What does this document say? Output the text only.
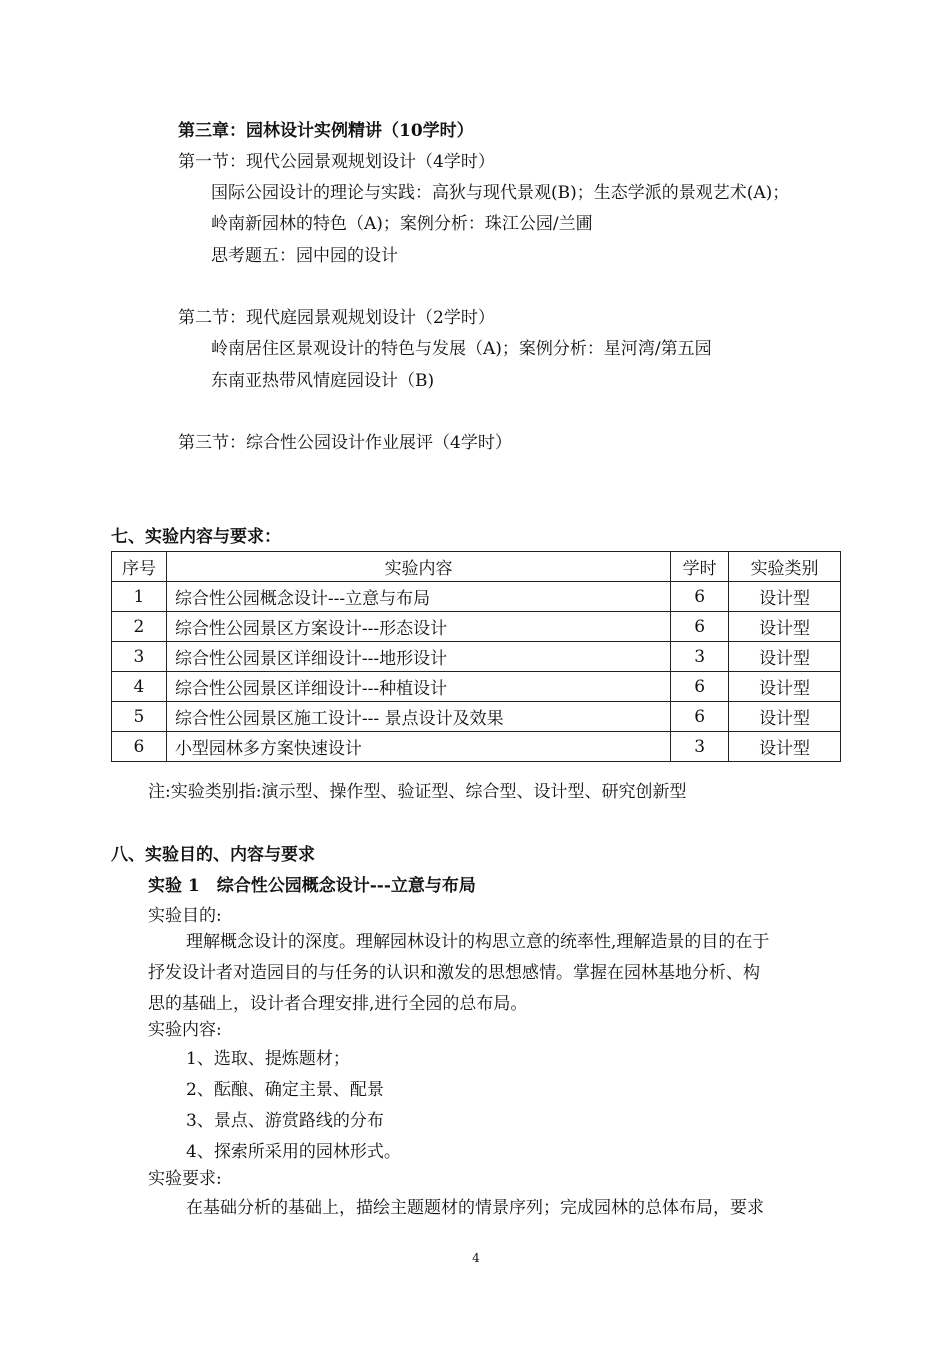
第三章：园林设计实例精讲（10学时）
第一节：现代公园景观规划设计（4学时）
国际公园设计的理论与实践：高狄与现代景观(B)；生态学派的景观艺术(A)；
岭南新园林的特色（A)；案例分析：珠江公园/兰圃
思考题五：园中园的设计
第二节：现代庭园景观规划设计（2学时）
岭南居住区景观设计的特色与发展（A)；案例分析：星河湾/第五园
东南亚热带风情庭园设计（B)
第三节：综合性公园设计作业展评（4学时）
七、实验内容与要求：
序号	实验内容	学时	实验类别
1	综合性公园概念设计---立意与布局	6	设计型
2	综合性公园景区方案设计---形态设计	6	设计型
3	综合性公园景区详细设计---地形设计	3	设计型
4	综合性公园景区详细设计---种植设计	6	设计型
5	综合性公园景区施工设计--- 景点设计及效果	6	设计型
6	小型园林多方案快速设计	3	设计型
注:实验类别指:演示型、操作型、验证型、综合型、设计型、研究创新型
八、实验目的、内容与要求
实验 1　综合性公园概念设计---立意与布局
实验目的:
理解概念设计的深度。理解园林设计的构思立意的统率性,理解造景的目的在于
抒发设计者对造园目的与任务的认识和激发的思想感情。掌握在园林基地分析、构
思的基础上，设计者合理安排,进行全园的总布局。
实验内容:
1、选取、提炼题材；
2、酝酿、确定主景、配景
3、景点、游赏路线的分布
4、探索所采用的园林形式。
实验要求:
在基础分析的基础上，描绘主题题材的情景序列；完成园林的总体布局，要求
4
